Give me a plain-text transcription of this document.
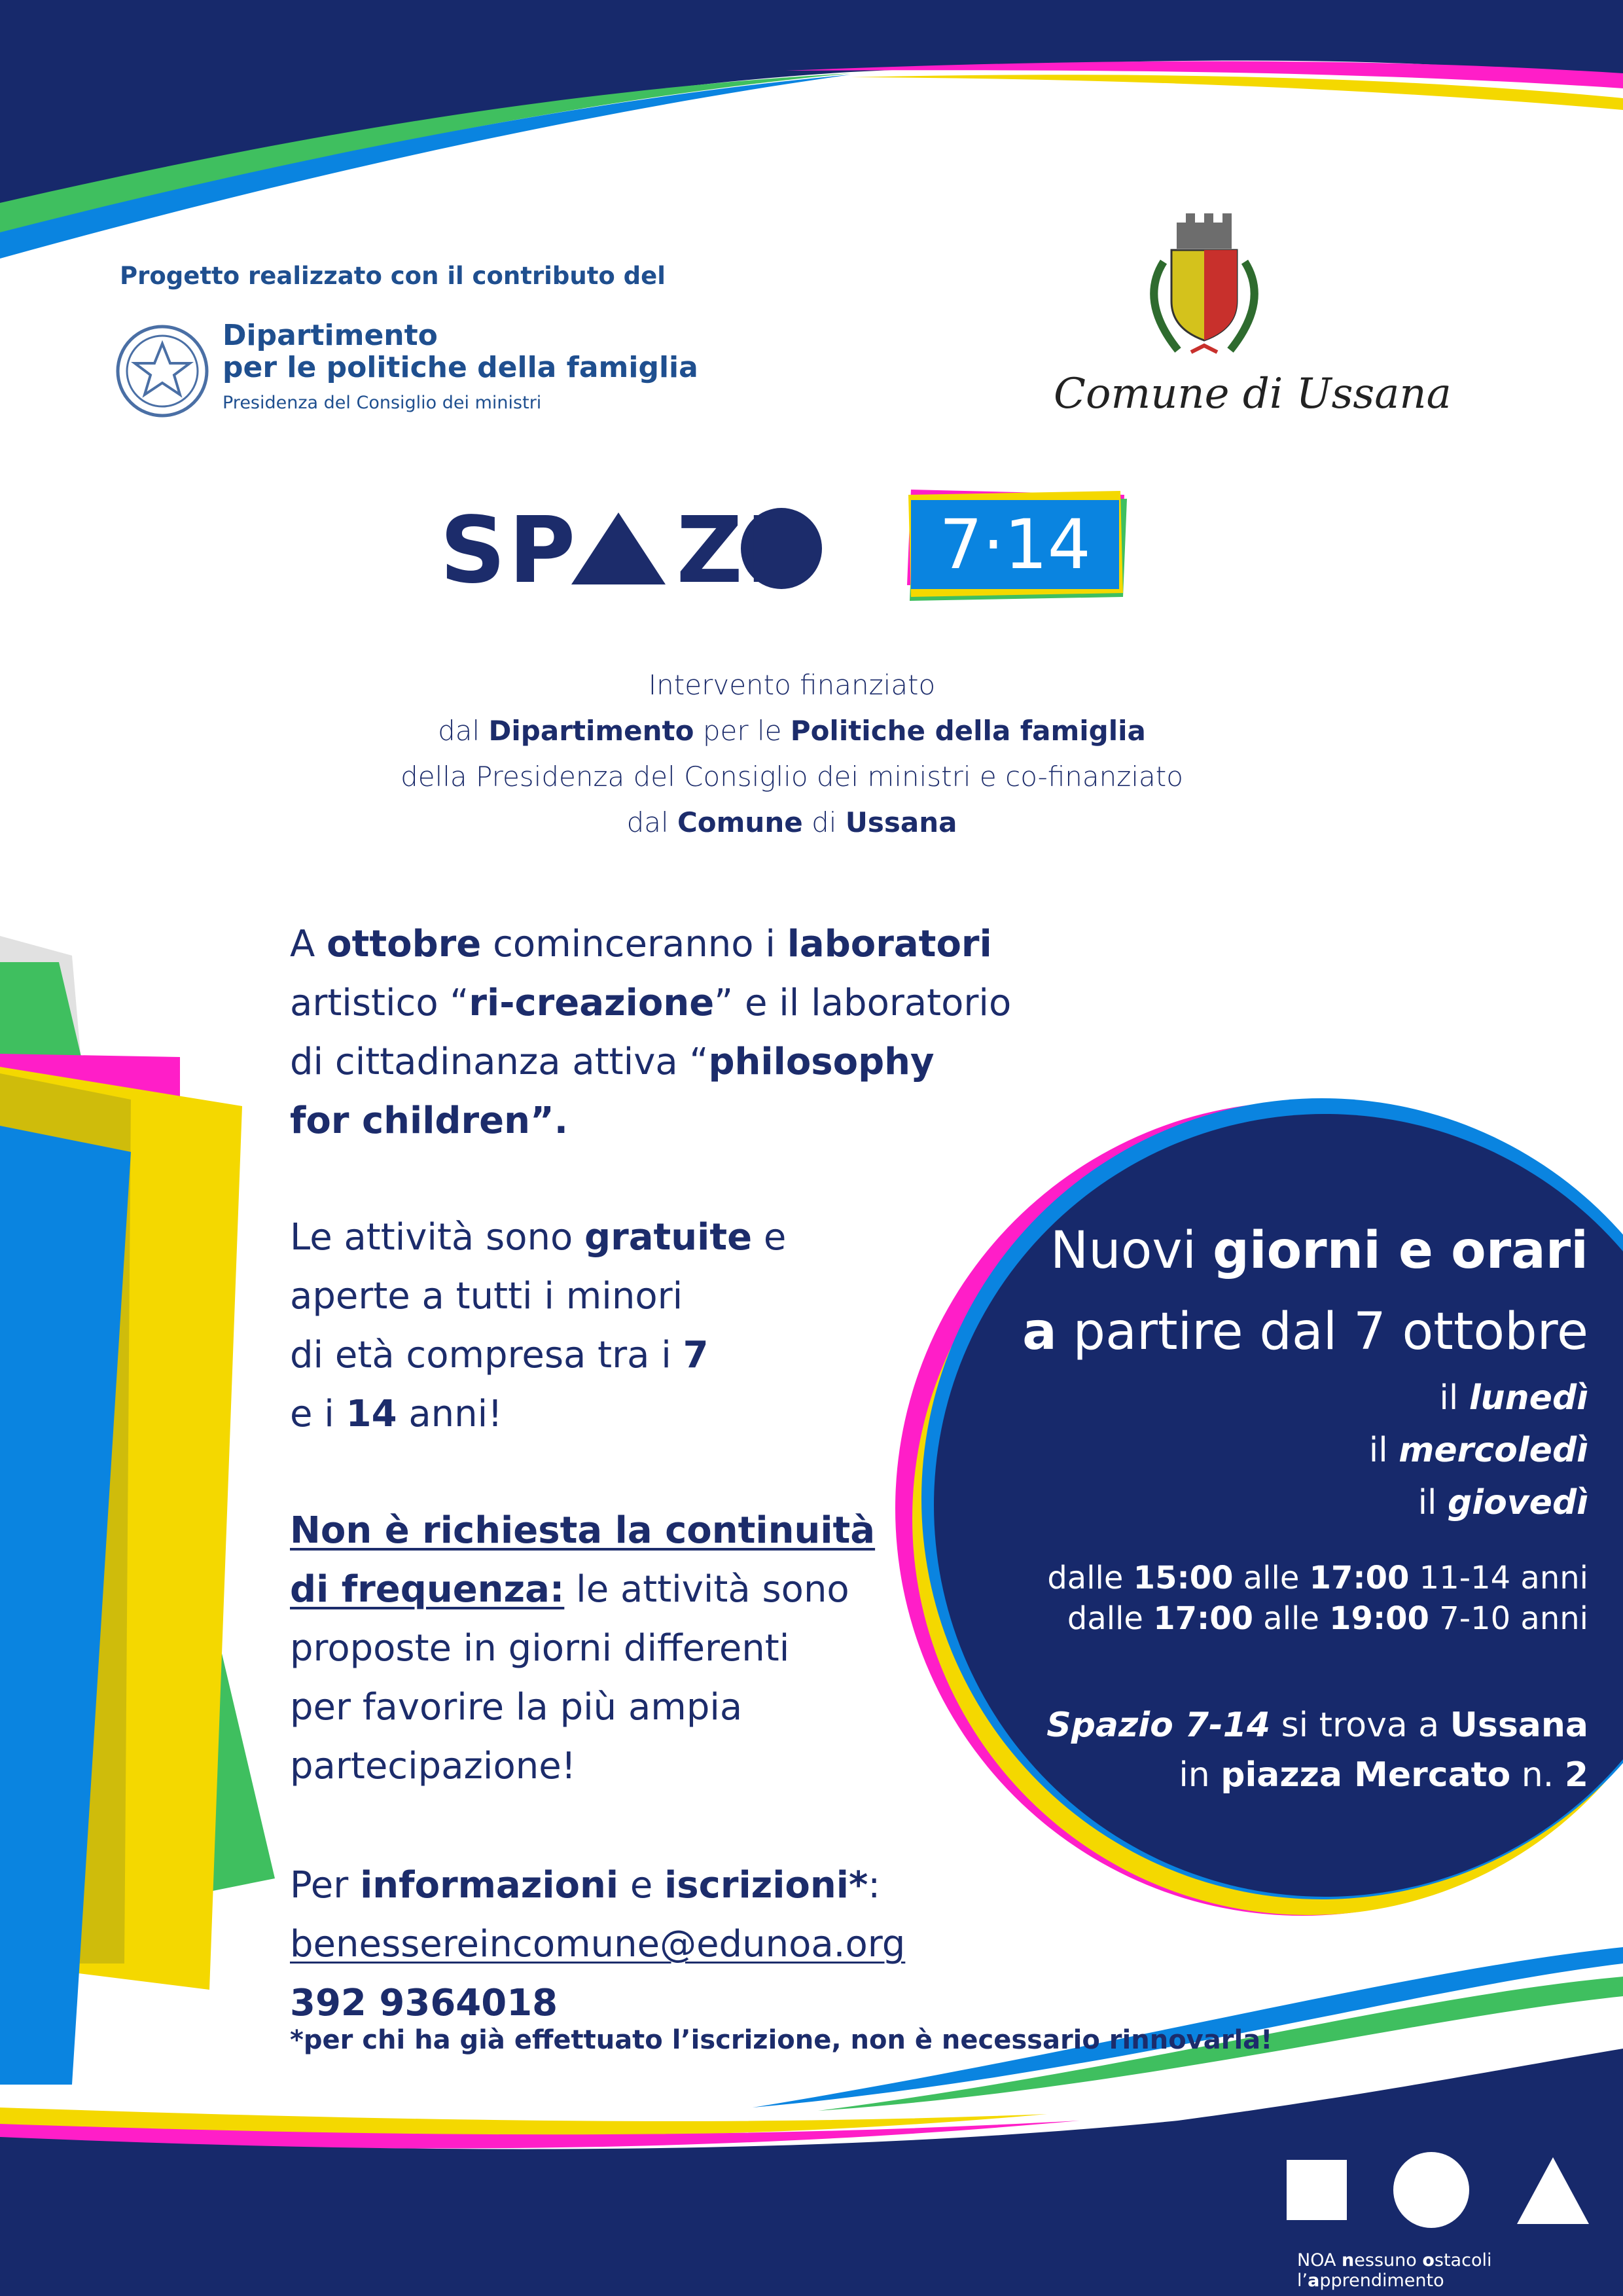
Progetto realizzato con il contributo del
Dipartimento
per le politiche della famiglia
Presidenza del Consiglio dei ministri	Comune di Ussana
SP ZI	7·14
Intervento finanziato
dal Dipartimento per le Politiche della famiglia
della Presidenza del Consiglio dei ministri e co-finanziato
dal Comune di Ussana
A ottobre cominceranno i laboratori
artistico “ri-creazione” e il laboratorio
di cittadinanza attiva “philosophy
for children”.
Le attività sono gratuite e
aperte a tutti i minori
di età compresa tra i 7
e i 14 anni!
Non è richiesta la continuità
di frequenza: le attività sono
proposte in giorni differenti
per favorire la più ampia
partecipazione!
Per informazioni e iscrizioni*:
benessereincomune@edunoa.org
392 9364018
*per chi ha già effettuato l’iscrizione, non è necessario rinnovarla!
Nuovi giorni e orari
a partire dal 7 ottobre
il lunedì
il mercoledì
il giovedì
dalle 15:00 alle 17:00 11-14 anni
dalle 17:00 alle 19:00 7-10 anni
Spazio 7-14 si trova a Ussana
in piazza Mercato n. 2
NOA nessuno ostacoli l’apprendimento
